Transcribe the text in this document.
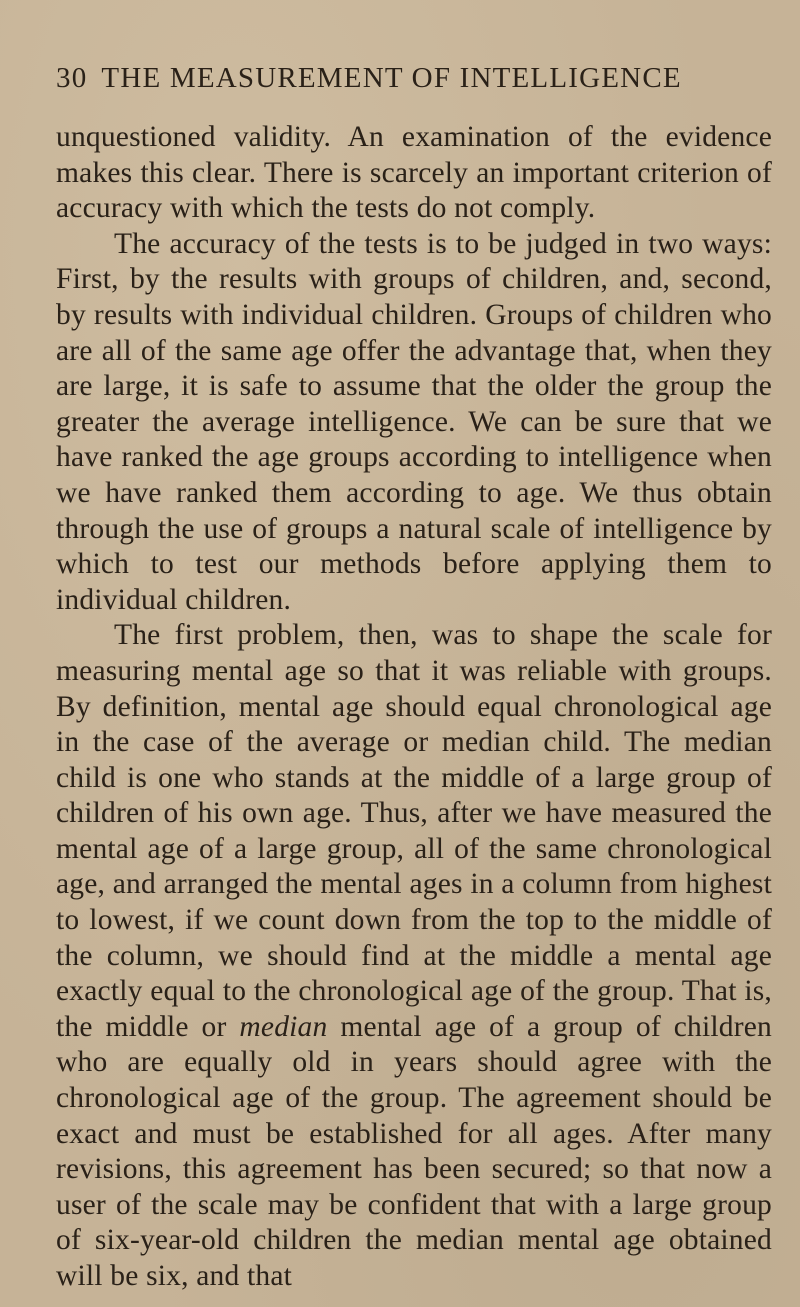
30 THE MEASUREMENT OF INTELLIGENCE

unquestioned validity. An examination of the evidence makes this clear. There is scarcely an important criterion of accuracy with which the tests do not comply.

The accuracy of the tests is to be judged in two ways: First, by the results with groups of children, and, second, by results with individual children. Groups of children who are all of the same age offer the advantage that, when they are large, it is safe to assume that the older the group the greater the average intelligence. We can be sure that we have ranked the age groups according to intelligence when we have ranked them according to age. We thus obtain through the use of groups a natural scale of intelligence by which to test our methods before applying them to individual children.

The first problem, then, was to shape the scale for measuring mental age so that it was reliable with groups. By definition, mental age should equal chronological age in the case of the average or median child. The median child is one who stands at the middle of a large group of children of his own age. Thus, after we have measured the mental age of a large group, all of the same chronological age, and arranged the mental ages in a column from highest to lowest, if we count down from the top to the middle of the column, we should find at the middle a mental age exactly equal to the chronological age of the group. That is, the middle or median mental age of a group of children who are equally old in years should agree with the chronological age of the group. The agreement should be exact and must be established for all ages. After many revisions, this agreement has been secured; so that now a user of the scale may be confident that with a large group of six-year-old children the median mental age obtained will be six, and that
